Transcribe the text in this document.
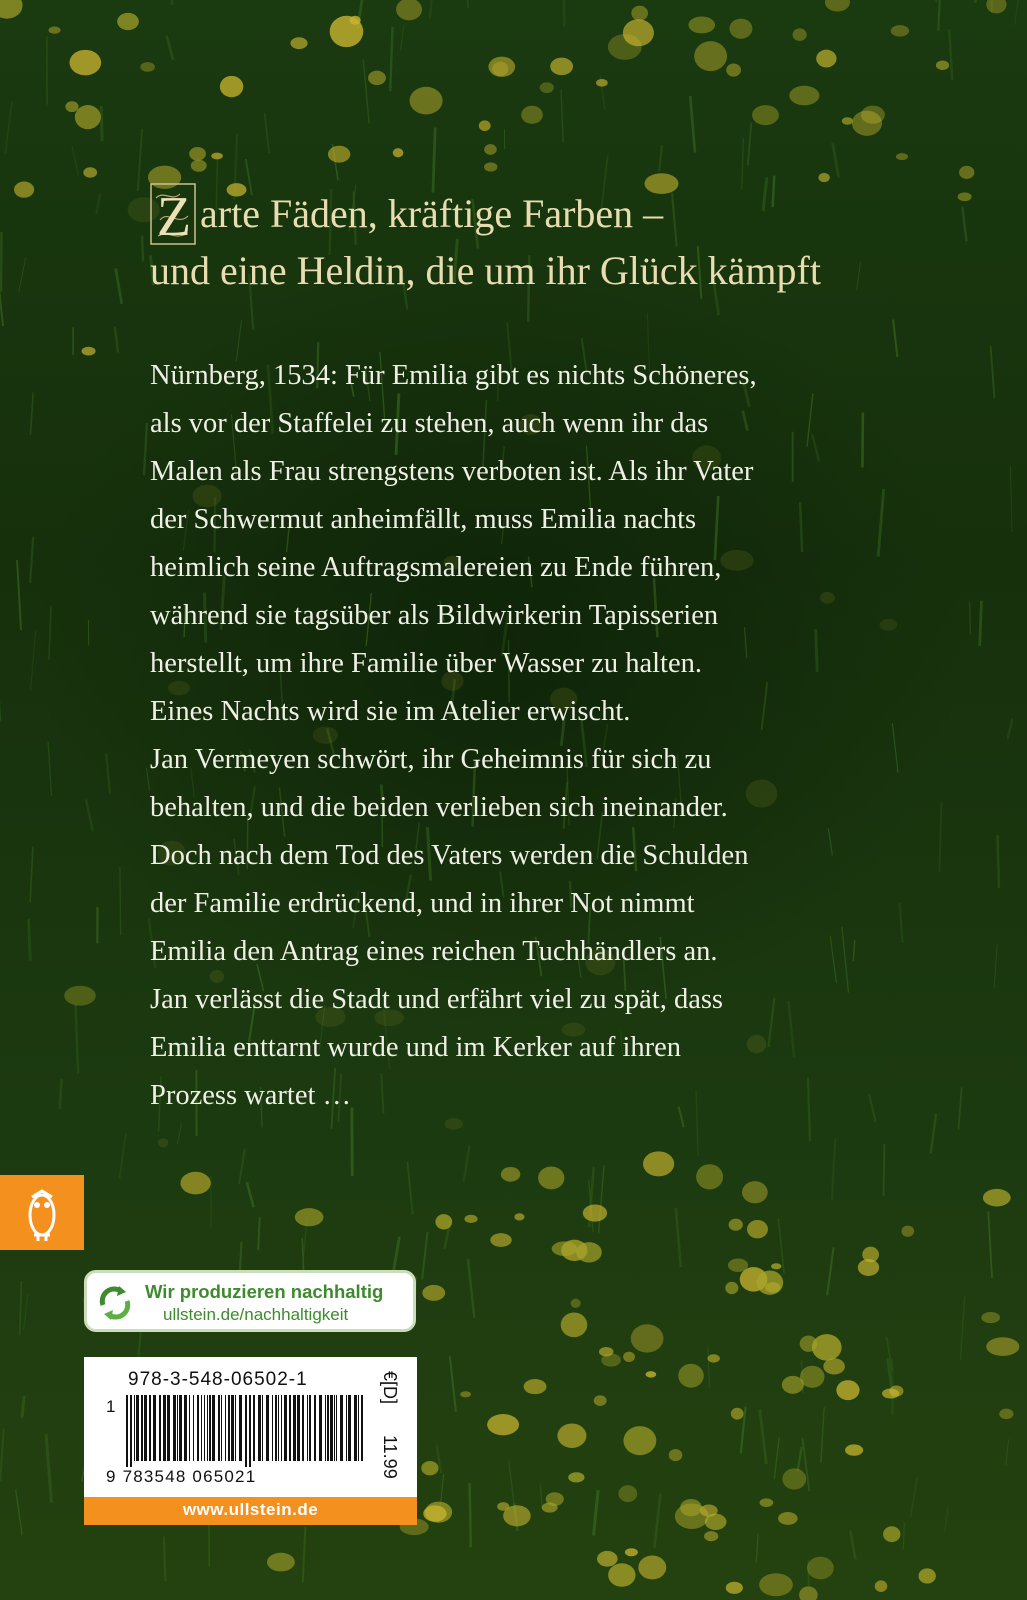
Z arte Fäden, kräftige Farben –
und eine Heldin, die um ihr Glück kämpft
Nürnberg, 1534: Für Emilia gibt es nichts Schöneres,
als vor der Staffelei zu stehen, auch wenn ihr das
Malen als Frau strengstens verboten ist. Als ihr Vater
der Schwermut anheimfällt, muss Emilia nachts
heimlich seine Auftragsmalereien zu Ende führen,
während sie tagsüber als Bildwirkerin Tapisserien
herstellt, um ihre Familie über Wasser zu halten.
Eines Nachts wird sie im Atelier erwischt.
Jan Vermeyen schwört, ihr Geheimnis für sich zu
behalten, und die beiden verlieben sich ineinander.
Doch nach dem Tod des Vaters werden die Schulden
der Familie erdrückend, und in ihrer Not nimmt
Emilia den Antrag eines reichen Tuchhändlers an.
Jan verlässt die Stadt und erfährt viel zu spät, dass
Emilia enttarnt wurde und im Kerker auf ihren
Prozess wartet …
Wir produzieren nachhaltig
ullstein.de/nachhaltigkeit
978-3-548-06502-1
1
9 783548 065021
€[D]
11.99
www.ullstein.de
